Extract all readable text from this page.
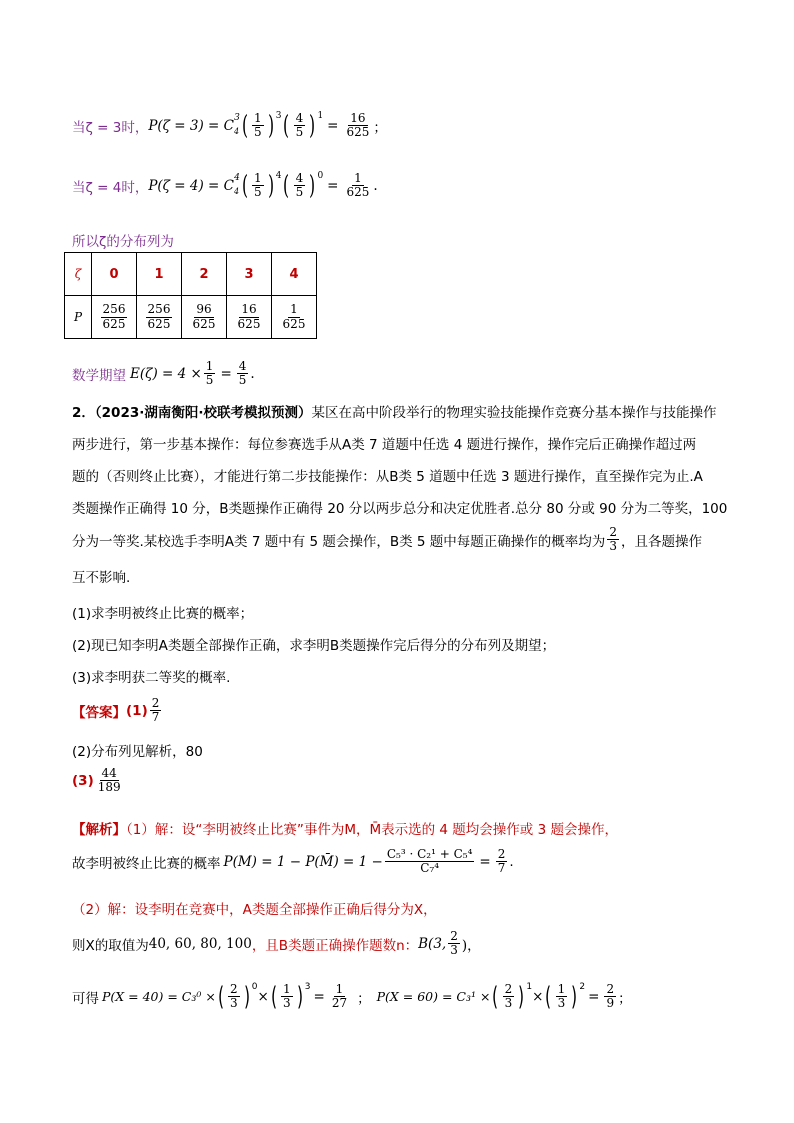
当ζ = 3时， $P(\zeta = 3) = C_4^3$ ( $\frac{1}{5}$ ) 3 ( $\frac{4}{5}$ ) 1
= $\frac{16}{625}$ ；
当ζ = 4时， $P(\zeta = 4) = C_4^4$ ( $\frac{1}{5}$ ) 4 ( $\frac{4}{5}$ ) 0
= $\frac{1}{625}$ .
所以ζ的分布列为
ζ	0	1	2	3	4
P	$\frac{256}{625}$	$\frac{256}{625}$	$\frac{96}{625}$	$\frac{16}{625}$	$\frac{1}{625}$
数学期望 $E(\zeta) = 4 \times \frac{1}{5} = \frac{4}{5}$ .
2．（2023·湖南衡阳·校联考模拟预测）某区在高中阶段举行的物理实验技能操作竞赛分基本操作与技能操作
两步进行，第一步基本操作：每位参赛选手从A类 7 道题中任选 4 题进行操作，操作完后正确操作超过两
题的（否则终止比赛），才能进行第二步技能操作：从B类 5 道题中任选 3 题进行操作，直至操作完为止.A
类题操作正确得 10 分，B类题操作正确得 20 分以两步总分和决定优胜者.总分 80 分或 90 分为二等奖，100
分为一等奖.某校选手李明A类 7 题中有 5 题会操作，B类 5 题中每题正确操作的概率均为 $\frac{2}{3}$ ，且各题操作
互不影响.
(1)求李明被终止比赛的概率；
(2)现已知李明A类题全部操作正确，求李明B类题操作完后得分的分布列及期望；
(3)求李明获二等奖的概率.
【答案】 $(1) \frac{2}{7}$
(2)分布列见解析，80
$(3) \frac{44}{189}$
【解析】（1）解：设“李明被终止比赛”事件为M，M̄表示选的 4 题均会操作或 3 题会操作，
故李明被终止比赛的概率 P(M) = 1 − P(M̄) = $1 - \frac{\text{C₅³ · C₂¹ + C₅⁴}}{\text{C₇⁴}} = \frac{2}{7}$ .
（2）解：设李明在竞赛中，A类题全部操作正确后得分为X，
则X的取值为 40, 60, 80, 100 ，且B类题正确操作题数n： B(3, $\frac{2}{3}$ )，
可得 P(X = 40) = C₃⁰ × ( $\frac{2}{3}$ ) 0
× ( $\frac{1}{3}$ ) 3
= $\frac{1}{27}$ ； P(X = 60) = C₃¹ × ( $\frac{2}{3}$ ) 1
× ( $\frac{1}{3}$ ) 2
= $\frac{2}{9}$ ；
